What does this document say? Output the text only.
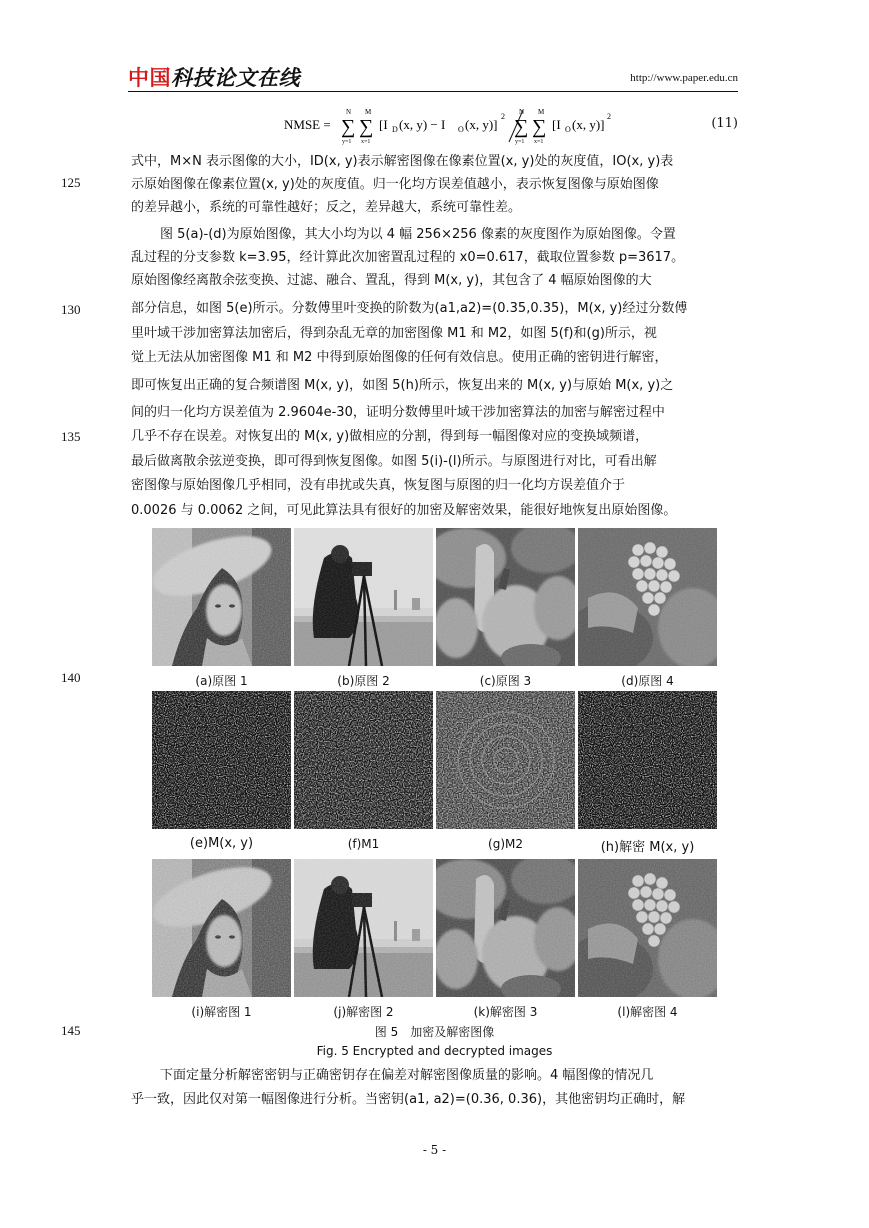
中国科技论文在线	http://www.paper.edu.cn
NMSE =
N M
∑ ∑
y=1 x=1
[I D (x, y) − I O (x, y)]
2 N M
∑ ∑
y=1 x=1
[I O (x, y)]
2	(11)
式中，M×N 表示图像的大小，ID(x, y)表示解密图像在像素位置(x, y)处的灰度值，IO(x, y)表
125	示原始图像在像素位置(x, y)处的灰度值。归一化均方误差值越小，表示恢复图像与原始图像
的差异越小，系统的可靠性越好；反之，差异越大，系统可靠性差。
图 5(a)-(d)为原始图像，其大小均为以 4 幅 256×256 像素的灰度图作为原始图像。令置
乱过程的分支参数 k=3.95，经计算此次加密置乱过程的 x0=0.617，截取位置参数 p=3617。
原始图像经离散余弦变换、过滤、融合、置乱，得到 M(x, y)，其包含了 4 幅原始图像的大
130	部分信息，如图 5(e)所示。分数傅里叶变换的阶数为(a1,a2)=(0.35,0.35)，M(x, y)经过分数傅
里叶域干涉加密算法加密后，得到杂乱无章的加密图像 M1 和 M2，如图 5(f)和(g)所示，视
觉上无法从加密图像 M1 和 M2 中得到原始图像的任何有效信息。使用正确的密钥进行解密，
即可恢复出正确的复合频谱图 M(x, y)，如图 5(h)所示，恢复出来的 M(x, y)与原始 M(x, y)之
间的归一化均方误差值为 2.9604e-30，证明分数傅里叶域干涉加密算法的加密与解密过程中
135	几乎不存在误差。对恢复出的 M(x, y)做相应的分割，得到每一幅图像对应的变换域频谱，
最后做离散余弦逆变换，即可得到恢复图像。如图 5(i)-(l)所示。与原图进行对比，可看出解
密图像与原始图像几乎相同，没有串扰或失真，恢复图与原图的归一化均方误差值介于
0.0026 与 0.0062 之间，可见此算法具有很好的加密及解密效果，能很好地恢复出原始图像。
140	(a)原图 1	(b)原图 2	(c)原图 3	(d)原图 4
(e)M(x, y)	(f)M1	(g)M2	(h)解密 M(x, y)
(i)解密图 1	(j)解密图 2	(k)解密图 3	(l)解密图 4
145	图 5　加密及解密图像
Fig. 5 Encrypted and decrypted images
下面定量分析解密密钥与正确密钥存在偏差对解密图像质量的影响。4 幅图像的情况几
乎一致，因此仅对第一幅图像进行分析。当密钥(a1, a2)=(0.36, 0.36)，其他密钥均正确时，解
- 5 -
